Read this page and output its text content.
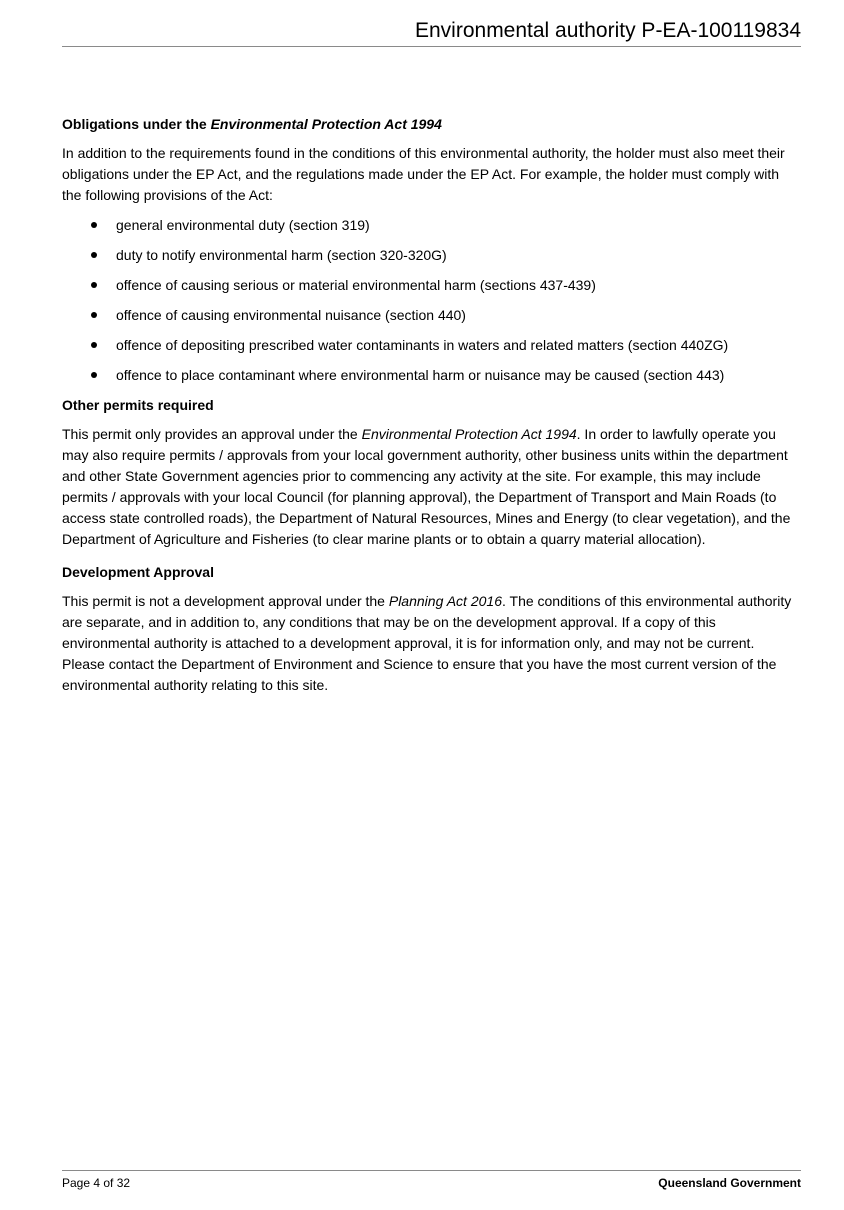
Environmental authority P-EA-100119834
Obligations under the Environmental Protection Act 1994

In addition to the requirements found in the conditions of this environmental authority, the holder must also meet their obligations under the EP Act, and the regulations made under the EP Act. For example, the holder must comply with the following provisions of the Act:

general environmental duty (section 319)
duty to notify environmental harm (section 320-320G)
offence of causing serious or material environmental harm (sections 437-439)
offence of causing environmental nuisance (section 440)
offence of depositing prescribed water contaminants in waters and related matters (section 440ZG)
offence to place contaminant where environmental harm or nuisance may be caused (section 443)
Other permits required

This permit only provides an approval under the Environmental Protection Act 1994. In order to lawfully operate you may also require permits / approvals from your local government authority, other business units within the department and other State Government agencies prior to commencing any activity at the site. For example, this may include permits / approvals with your local Council (for planning approval), the Department of Transport and Main Roads (to access state controlled roads), the Department of Natural Resources, Mines and Energy (to clear vegetation), and the Department of Agriculture and Fisheries (to clear marine plants or to obtain a quarry material allocation).

Development Approval

This permit is not a development approval under the Planning Act 2016. The conditions of this environmental authority are separate, and in addition to, any conditions that may be on the development approval. If a copy of this environmental authority is attached to a development approval, it is for information only, and may not be current. Please contact the Department of Environment and Science to ensure that you have the most current version of the environmental authority relating to this site.

Page 4 of 32	Queensland Government
